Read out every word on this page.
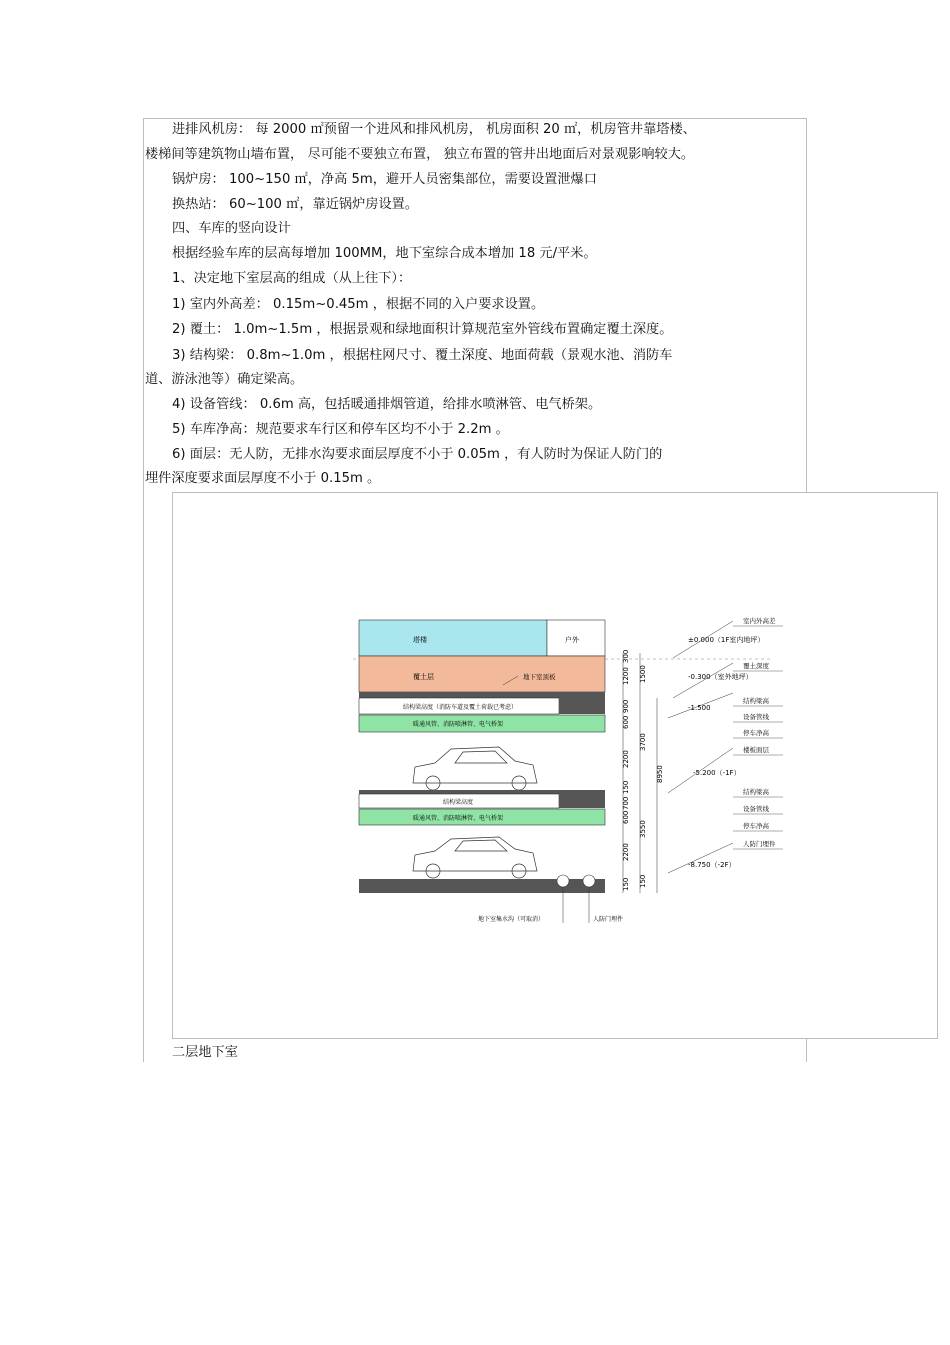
进排风机房： 每 2000 ㎡预留一个进风和排风机房， 机房面积 20 ㎡，机房管井靠塔楼、
楼梯间等建筑物山墙布置， 尽可能不要独立布置， 独立布置的管井出地面后对景观影响较大。
锅炉房： 100~150 ㎡，净高 5m，避开人员密集部位，需要设置泄爆口
换热站： 60~100 ㎡，靠近锅炉房设置。
四、车库的竖向设计
根据经验车库的层高每增加 100MM，地下室综合成本增加 18 元/平米。
1、决定地下室层高的组成（从上往下）：
1) 室内外高差： 0.15m~0.45m ，根据不同的入户要求设置。
2) 覆土： 1.0m~1.5m ，根据景观和绿地面积计算规范室外管线布置确定覆土深度。
3) 结构梁： 0.8m~1.0m ，根据柱网尺寸、覆土深度、地面荷载（景观水池、消防车
道、游泳池等）确定梁高。
4) 设备管线： 0.6m 高，包括暖通排烟管道，给排水喷淋管、电气桥架。
5) 车库净高：规范要求车行区和停车区均不小于 2.2m 。
6) 面层：无人防，无排水沟要求面层厚度不小于 0.05m ，有人防时为保证人防门的
埋件深度要求面层厚度不小于 0.15m 。
塔楼	户外
覆土层	地下室顶板
结构梁高度（消防车道及覆土荷载已考虑）
暖通风管、消防喷淋管、电气桥架
结构梁高度
暖通风管、消防喷淋管、电气桥架
地下室集水沟（可取消）	人防门埋件
300
1200
900
600
2200
150
700
600
2200
150
1500
3700
3550
150
8950
±0.000（1F室内地坪）
-0.300（室外地坪）
-1.500
-5.200（-1F）
-8.750（-2F）
室内外高差
覆土深度
结构梁高
设备管线
停车净高
楼板面层
结构梁高
设备管线
停车净高
人防门埋件
二层地下室
